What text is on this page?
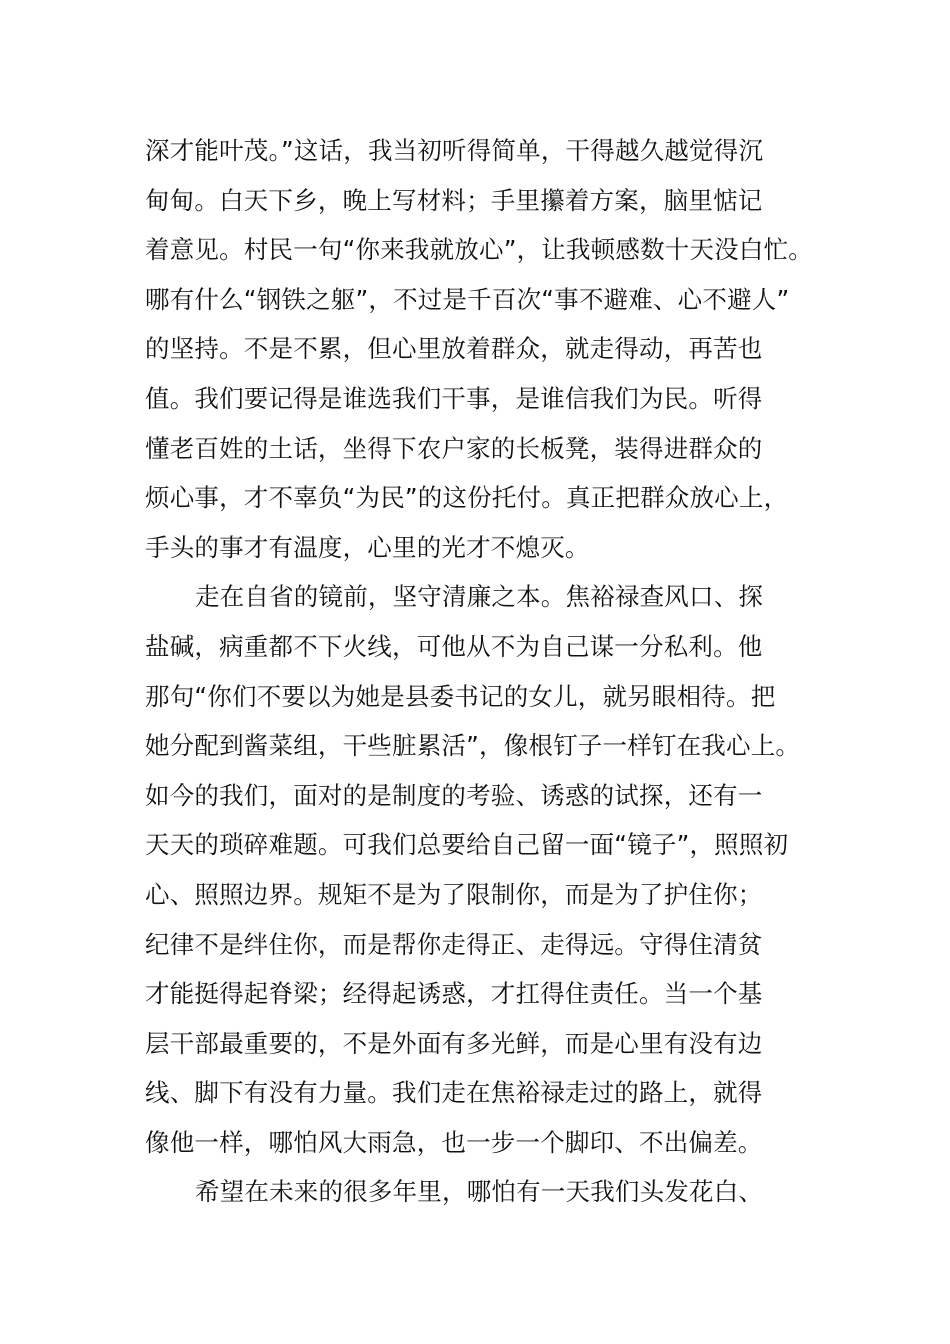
深才能叶茂。”这话，我当初听得简单，干得越久越觉得沉
甸甸。白天下乡，晚上写材料；手里攥着方案，脑里惦记
着意见。村民一句“你来我就放心”，让我顿感数十天没白忙。
哪有什么“钢铁之躯”，不过是千百次“事不避难、心不避人”
的坚持。不是不累，但心里放着群众，就走得动，再苦也
值。我们要记得是谁选我们干事，是谁信我们为民。听得
懂老百姓的土话，坐得下农户家的长板凳，装得进群众的
烦心事，才不辜负“为民”的这份托付。真正把群众放心上，
手头的事才有温度，心里的光才不熄灭。
走在自省的镜前，坚守清廉之本。焦裕禄查风口、探
盐碱，病重都不下火线，可他从不为自己谋一分私利。他
那句“你们不要以为她是县委书记的女儿，就另眼相待。把
她分配到酱菜组，干些脏累活”，像根钉子一样钉在我心上。
如今的我们，面对的是制度的考验、诱惑的试探，还有一
天天的琐碎难题。可我们总要给自己留一面“镜子”，照照初
心、照照边界。规矩不是为了限制你，而是为了护住你；
纪律不是绊住你，而是帮你走得正、走得远。守得住清贫
才能挺得起脊梁；经得起诱惑，才扛得住责任。当一个基
层干部最重要的，不是外面有多光鲜，而是心里有没有边
线、脚下有没有力量。我们走在焦裕禄走过的路上，就得
像他一样，哪怕风大雨急，也一步一个脚印、不出偏差。
希望在未来的很多年里，哪怕有一天我们头发花白、
